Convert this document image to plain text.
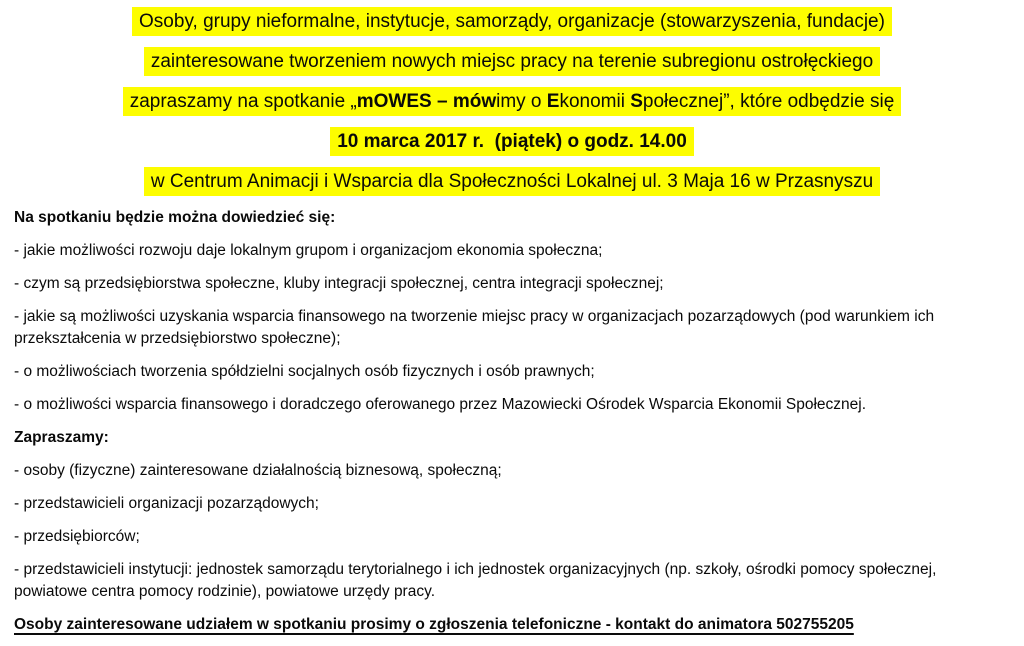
Osoby, grupy nieformalne, instytucje, samorządy, organizacje (stowarzyszenia, fundacje)
zainteresowane tworzeniem nowych miejsc pracy na terenie subregionu ostrołęckiego
zapraszamy na spotkanie „mOWES – mówimy o Ekonomii Społecznej”, które odbędzie się
10 marca 2017 r.  (piątek) o godz. 14.00
w Centrum Animacji i Wsparcia dla Społeczności Lokalnej ul. 3 Maja 16 w Przasnyszu
Na spotkaniu będzie można dowiedzieć się:

- jakie możliwości rozwoju daje lokalnym grupom i organizacjom ekonomia społeczna;

- czym są przedsiębiorstwa społeczne, kluby integracji społecznej, centra integracji społecznej;

- jakie są możliwości uzyskania wsparcia finansowego na tworzenie miejsc pracy w organizacjach pozarządowych (pod warunkiem ich przekształcenia w przedsiębiorstwo społeczne);

- o możliwościach tworzenia spółdzielni socjalnych osób fizycznych i osób prawnych;

- o możliwości wsparcia finansowego i doradczego oferowanego przez Mazowiecki Ośrodek Wsparcia Ekonomii Społecznej.

Zapraszamy:

- osoby (fizyczne) zainteresowane działalnością biznesową, społeczną;

- przedstawicieli organizacji pozarządowych;

- przedsiębiorców;

- przedstawicieli instytucji: jednostek samorządu terytorialnego i ich jednostek organizacyjnych (np. szkoły, ośrodki pomocy społecznej, powiatowe centra pomocy rodzinie), powiatowe urzędy pracy.

Osoby zainteresowane udziałem w spotkaniu prosimy o zgłoszenia telefoniczne - kontakt do animatora 502755205
